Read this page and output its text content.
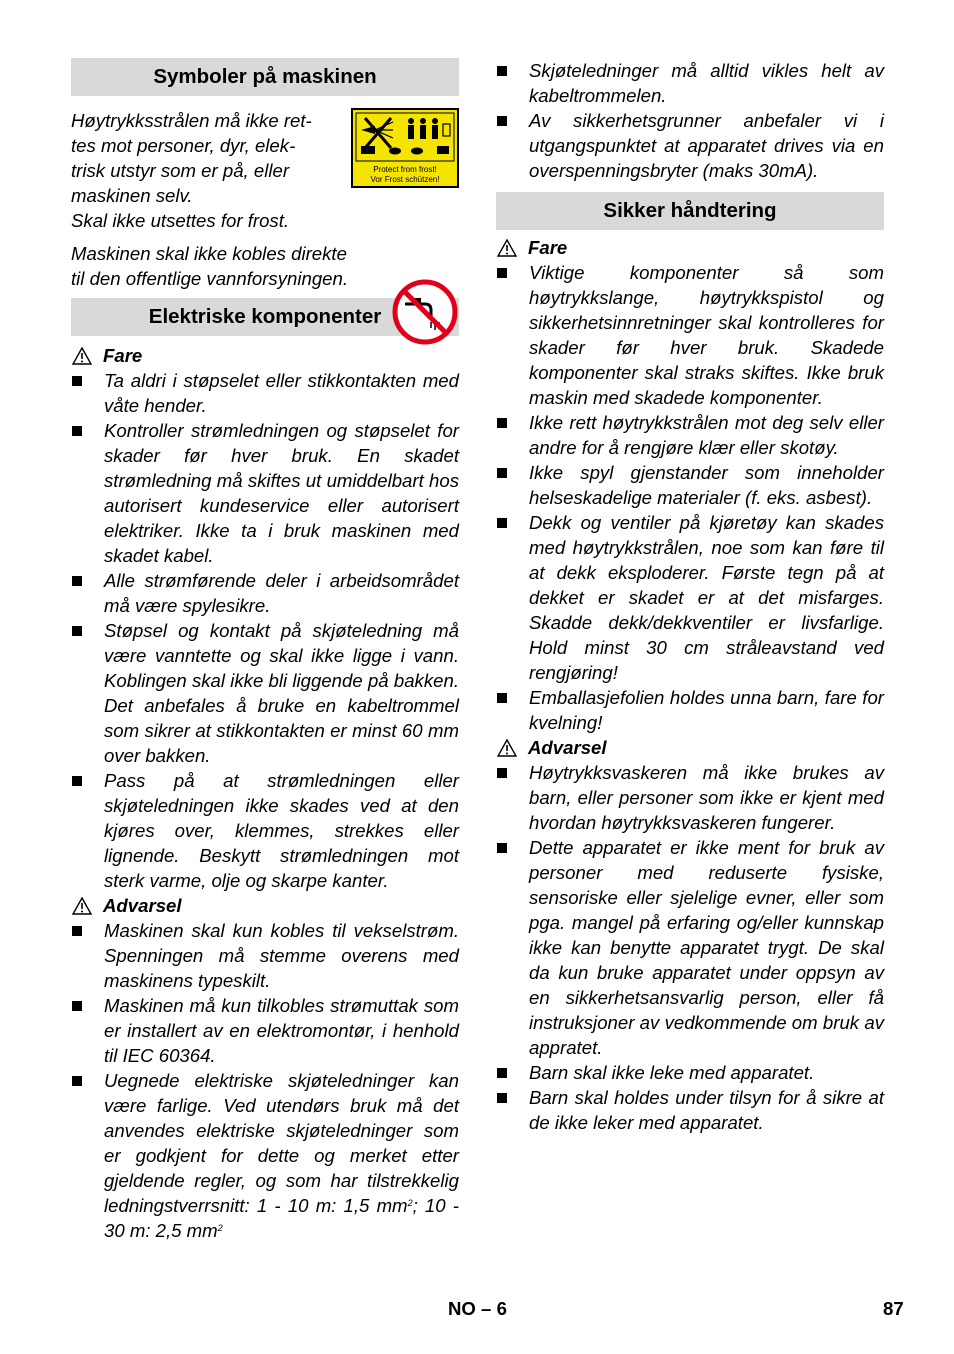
Symboler på maskinen
Høytrykksstrålen må ikke ret-
tes mot personer, dyr, elek-
trisk utstyr som er på, eller
maskinen selv.
Skal ikke utsettes for frost.
Protect from frost!
Vor Frost schützen!
Maskinen skal ikke kobles direkte
til den offentlige vannforsyningen.
Elektriske komponenter
Fare
Ta aldri i støpselet eller stikkontakten med våte hender.
Kontroller strømledningen og støpselet for skader før hver bruk. En skadet strømledning må skiftes ut umiddelbart hos autorisert kundeservice eller autorisert elektriker. Ikke ta i bruk maskinen med skadet kabel.
Alle strømførende deler i arbeidsområdet må være spylesikre.
Støpsel og kontakt på skjøteledning må være vanntette og skal ikke ligge i vann. Koblingen skal ikke bli liggende på bakken. Det anbefales å bruke en kabeltrommel som sikrer at stikkontakten er minst 60 mm over bakken.
Pass på at strømledningen eller skjøteledningen ikke skades ved at den kjøres over, klemmes, strekkes eller lignende. Beskytt strømledningen mot sterk varme, olje og skarpe kanter.
Advarsel
Maskinen skal kun kobles til vekselstrøm. Spenningen må stemme overens med maskinens typeskilt.
Maskinen må kun tilkobles strømuttak som er installert av en elektromontør, i henhold til IEC 60364.
Uegnede elektriske skjøteledninger kan være farlige. Ved utendørs bruk må det anvendes elektriske skjøteledninger som er godkjent for dette og merket etter gjeldende regler, og som har tilstrekkelig ledningstverrsnitt: 1 - 10 m: 1,5 $mm^2$; 10 - 30 m: 2,5 $mm^2$
Skjøteledninger må alltid vikles helt av kabeltrommelen.
Av sikkerhetsgrunner anbefaler vi i utgangspunktet at apparatet drives via en overspenningsbryter (maks 30mA).
Sikker håndtering
Fare
Viktige komponenter så som høytrykkslange, høytrykkspistol og sikkerhetsinnretninger skal kontrolleres for skader før hver bruk. Skadede komponenter skal straks skiftes. Ikke bruk maskin med skadede komponenter.
Ikke rett høytrykkstrålen mot deg selv eller andre for å rengjøre klær eller skotøy.
Ikke spyl gjenstander som inneholder helseskadelige materialer (f. eks. asbest).
Dekk og ventiler på kjøretøy kan skades med høytrykkstrålen, noe som kan føre til at dekk eksploderer. Første tegn på at dekket er skadet er at det misfarges. Skadde dekk/dekkventiler er livsfarlige. Hold minst 30 cm stråleavstand ved rengjøring!
Emballasjefolien holdes unna barn, fare for kvelning!
Advarsel
Høytrykksvaskeren må ikke brukes av barn, eller personer som ikke er kjent med hvordan høytrykksvaskeren fungerer.
Dette apparatet er ikke ment for bruk av personer med reduserte fysiske, sensoriske eller sjelelige evner, eller som pga. mangel på erfaring og/eller kunnskap ikke kan benytte apparatet trygt. De skal da kun bruke apparatet under oppsyn av en sikkerhetsansvarlig person, eller få instruksjoner av vedkommende om bruk av appratet.
Barn skal ikke leke med apparatet.
Barn skal holdes under tilsyn for å sikre at de ikke leker med apparatet.
NO – 6	87
